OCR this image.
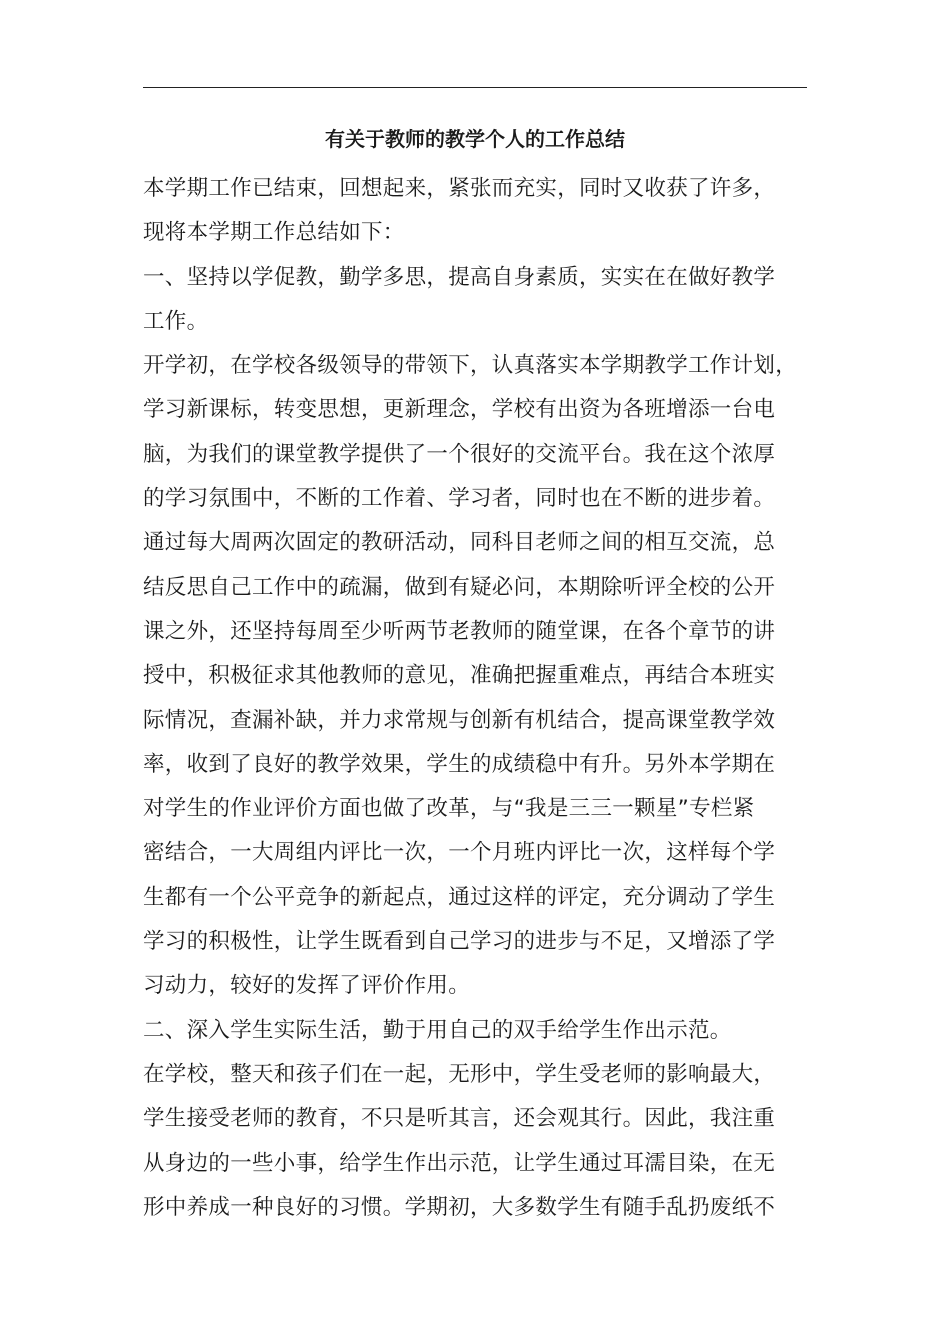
有关于教师的教学个人的工作总结
本学期工作已结束，回想起来，紧张而充实，同时又收获了许多，
现将本学期工作总结如下：
一、坚持以学促教，勤学多思，提高自身素质，实实在在做好教学
工作。
开学初，在学校各级领导的带领下，认真落实本学期教学工作计划，
学习新课标，转变思想，更新理念，学校有出资为各班增添一台电
脑，为我们的课堂教学提供了一个很好的交流平台。我在这个浓厚
的学习氛围中，不断的工作着、学习者，同时也在不断的进步着。
通过每大周两次固定的教研活动，同科目老师之间的相互交流，总
结反思自己工作中的疏漏，做到有疑必问，本期除听评全校的公开
课之外，还坚持每周至少听两节老教师的随堂课，在各个章节的讲
授中，积极征求其他教师的意见，准确把握重难点，再结合本班实
际情况，查漏补缺，并力求常规与创新有机结合，提高课堂教学效
率，收到了良好的教学效果，学生的成绩稳中有升。另外本学期在
对学生的作业评价方面也做了改革，与“我是三三一颗星”专栏紧
密结合，一大周组内评比一次，一个月班内评比一次，这样每个学
生都有一个公平竞争的新起点，通过这样的评定，充分调动了学生
学习的积极性，让学生既看到自己学习的进步与不足，又增添了学
习动力，较好的发挥了评价作用。
二、深入学生实际生活，勤于用自己的双手给学生作出示范。
在学校，整天和孩子们在一起，无形中，学生受老师的影响最大，
学生接受老师的教育，不只是听其言，还会观其行。因此，我注重
从身边的一些小事，给学生作出示范，让学生通过耳濡目染，在无
形中养成一种良好的习惯。学期初，大多数学生有随手乱扔废纸不
